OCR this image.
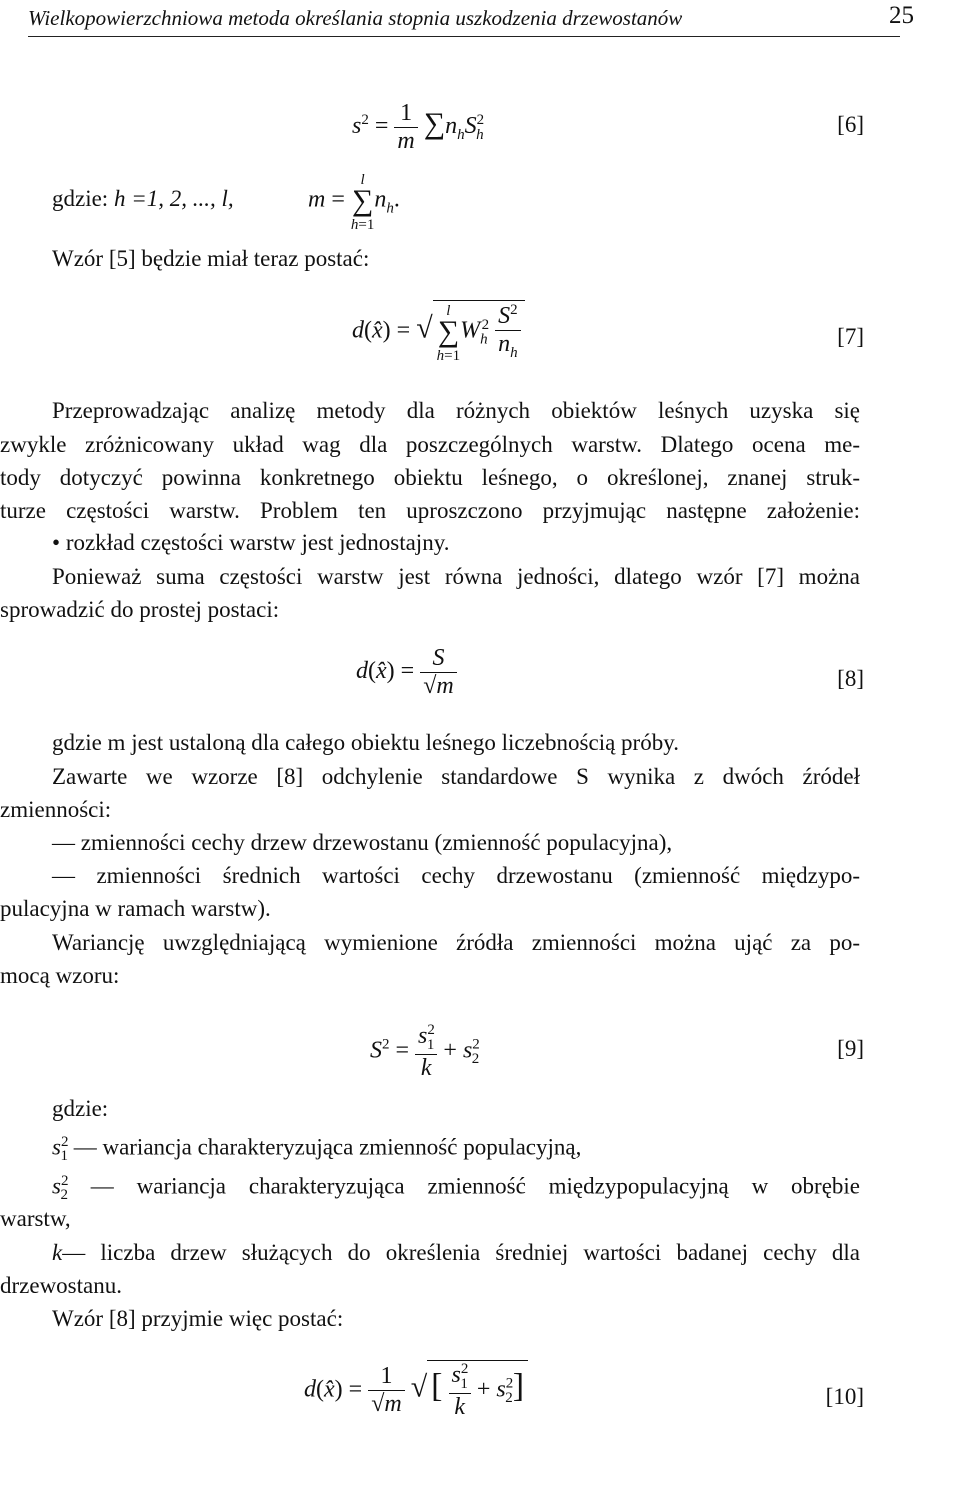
Wielkopowierzchniowa metoda określania stopnia uszkodzenia drzewostanów	25
$s^2 = \frac{1}{m} \sum n_hS^2_h$	[6]
gdzie: h =1, 2, ..., l,	m = l
∑
$h=1n_h$.
Wzór [5] będzie miał teraz postać:
d(x̂) = √l
∑
$h=1W_h^2 \frac{S^2}{n_h}$	[7]
Przeprowadzając analizę metody dla różnych obiektów leśnych uzyska się
zwykle zróżnicowany układ wag dla poszczególnych warstw. Dlatego ocena me-
tody dotyczyć powinna konkretnego obiektu leśnego, o określonej, znanej struk-
turze częstości warstw. Problem ten uproszczono przyjmując następne założenie:
• rozkład częstości warstw jest jednostajny.
Ponieważ suma częstości warstw jest równa jedności, dlatego wzór [7] można
sprowadzić do prostej postaci:
d(x̂) = $\frac{S}{√m}$	[8]
gdzie m jest ustaloną dla całego obiektu leśnego liczebnością próby.
Zawarte we wzorze [8] odchylenie standardowe S wynika z dwóch źródeł
zmienności:
— zmienności cechy drzew drzewostanu (zmienność populacyjna),
— zmienności średnich wartości cechy drzewostanu (zmienność międzypo-
pulacyjna w ramach warstw).
Wariancję uwzględniającą wymienione źródła zmienności można ująć za po-
mocą wzoru:
$S^2 = \frac{s^2_1}{k} + s^2_2$	[9]
gdzie:
$s^2_1$ — wariancja charakteryzująca zmienność populacyjną,
$s^2_2$ — wariancja charakteryzująca zmienność międzypopulacyjną w obrębie
warstw,
k— liczba drzew służących do określenia średniej wartości badanej cechy dla
drzewostanu.
Wzór [8] przyjmie więc postać:
d(x̂) = $\frac{1}{√m}$ √ [ $\frac{s^2_1}{k} + s^2_2$]	[10]
